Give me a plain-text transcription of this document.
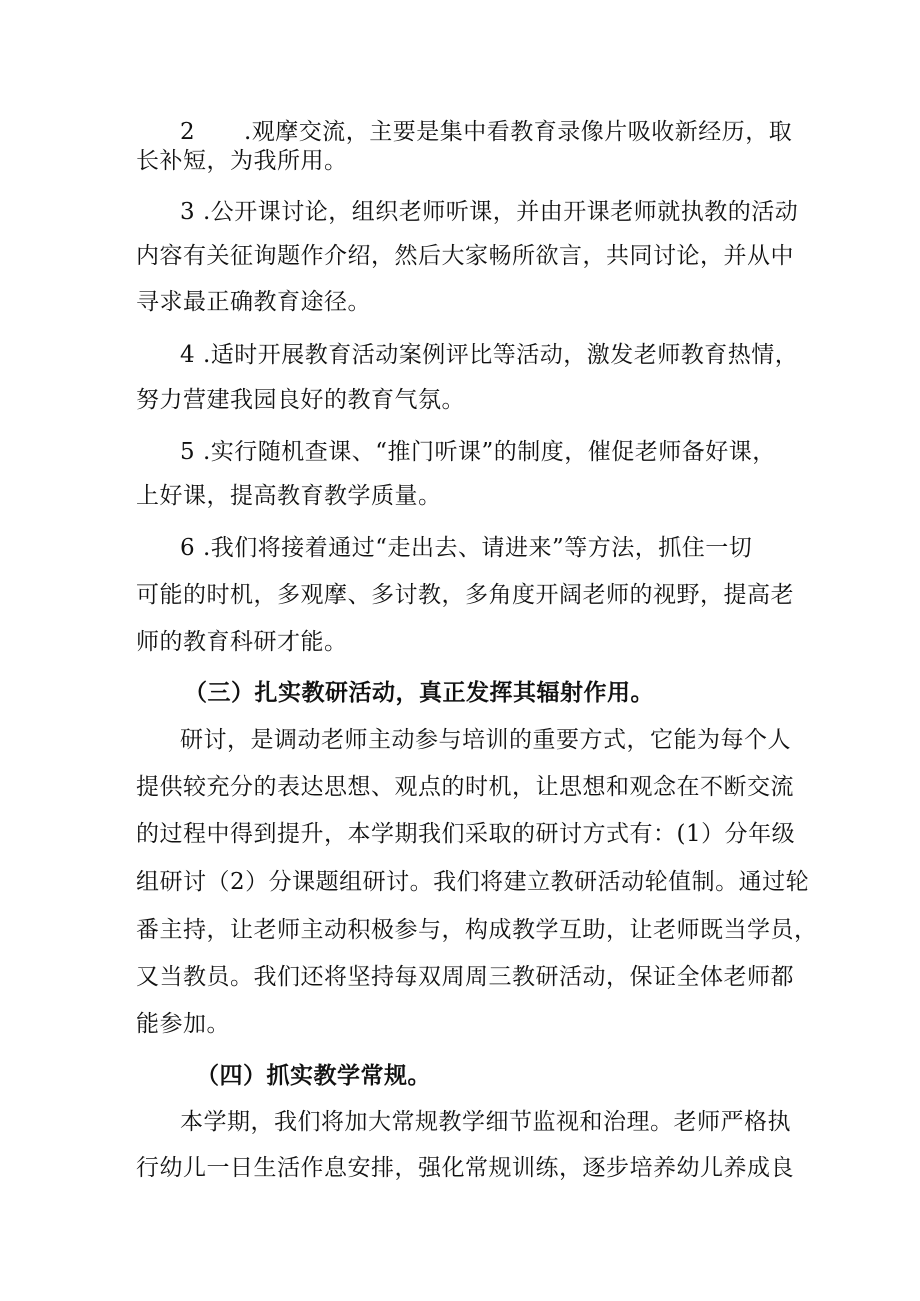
2 .观摩交流，主要是集中看教育录像片吸收新经历，取
长补短，为我所用。
3 .公开课讨论，组织老师听课，并由开课老师就执教的活动
内容有关征询题作介绍，然后大家畅所欲言，共同讨论，并从中
寻求最正确教育途径。
4 .适时开展教育活动案例评比等活动，激发老师教育热情，
努力营建我园良好的教育气氛。
5 .实行随机查课、“推门听课”的制度，催促老师备好课，
上好课，提高教育教学质量。
6 .我们将接着通过“走出去、请进来”等方法，抓住一切
可能的时机，多观摩、多讨教，多角度开阔老师的视野，提高老
师的教育科研才能。
（三）扎实教研活动，真正发挥其辐射作用。
研讨，是调动老师主动参与培训的重要方式，它能为每个人
提供较充分的表达思想、观点的时机，让思想和观念在不断交流
的过程中得到提升，本学期我们采取的研讨方式有：(1）分年级
组研讨（2）分课题组研讨。我们将建立教研活动轮值制。通过轮
番主持，让老师主动积极参与，构成教学互助，让老师既当学员，
又当教员。我们还将坚持每双周周三教研活动，保证全体老师都
能参加。
（四）抓实教学常规。
本学期，我们将加大常规教学细节监视和治理。老师严格执
行幼儿一日生活作息安排，强化常规训练，逐步培养幼儿养成良
